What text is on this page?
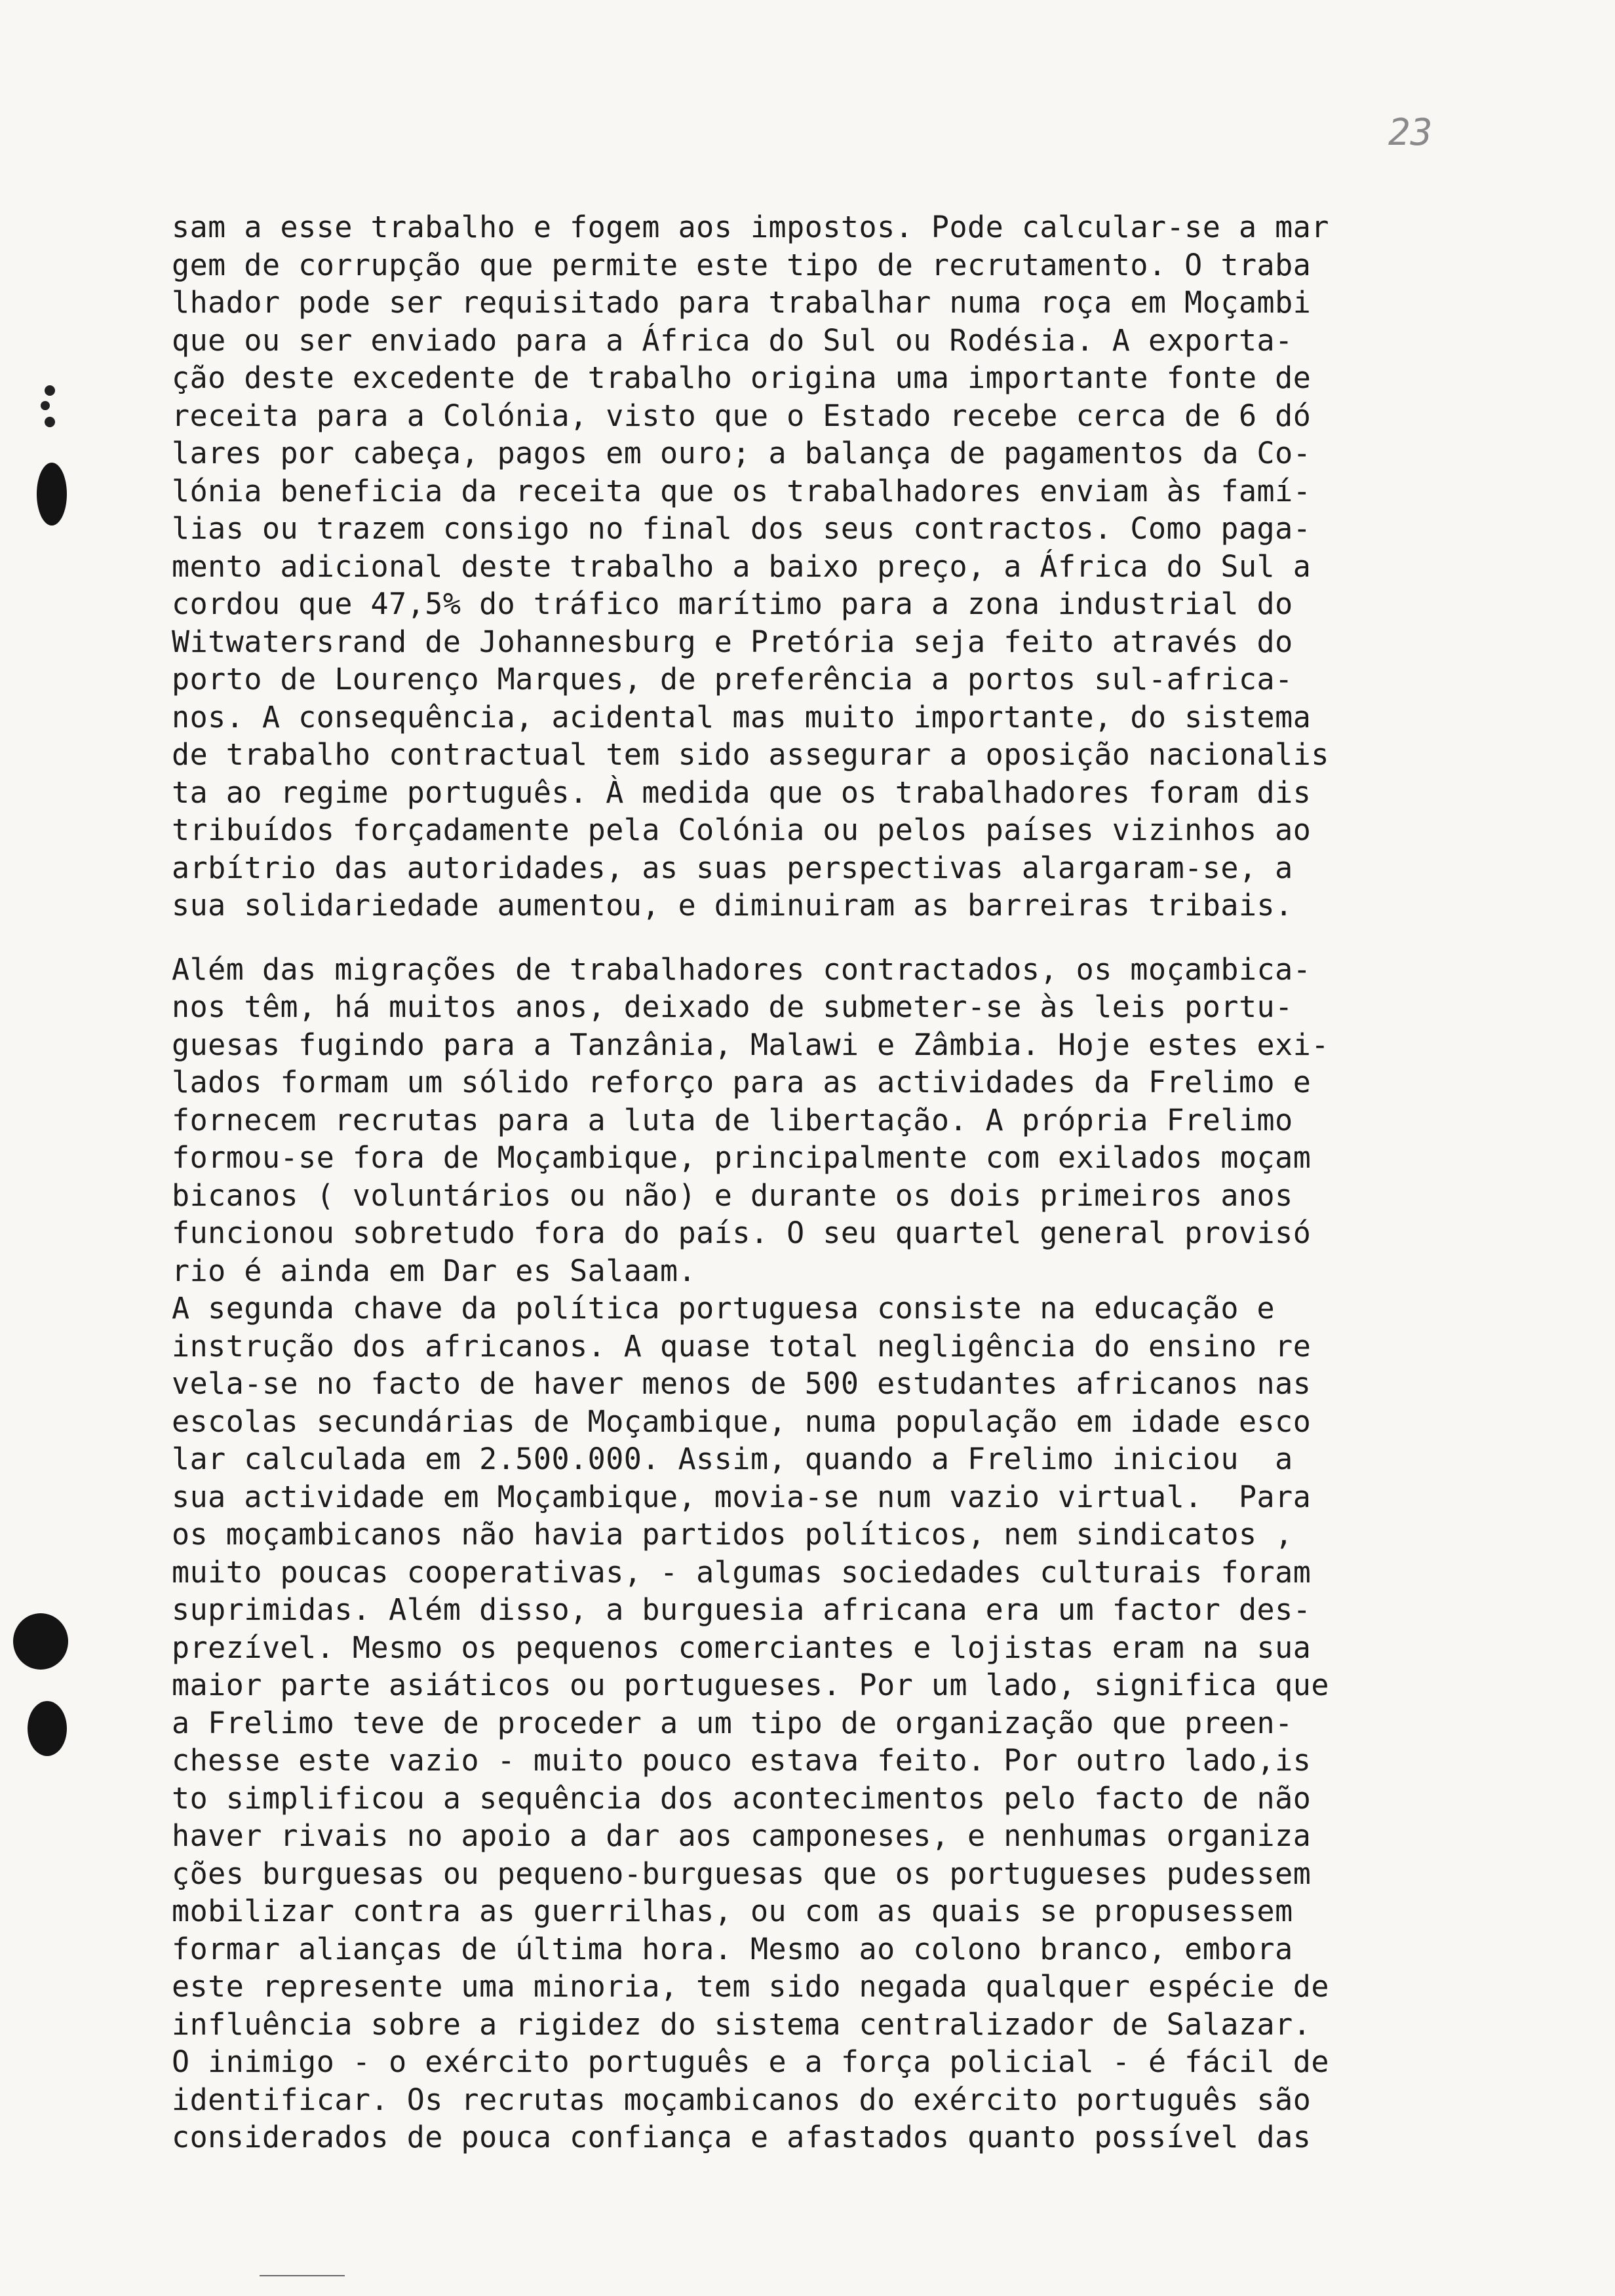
23
sam a esse trabalho e fogem aos impostos. Pode calcular-se a mar
gem de corrupção que permite este tipo de recrutamento. O traba
lhador pode ser requisitado para trabalhar numa roça em Moçambi
que ou ser enviado para a África do Sul ou Rodésia. A exporta-
ção deste excedente de trabalho origina uma importante fonte de
receita para a Colónia, visto que o Estado recebe cerca de 6 dó
lares por cabeça, pagos em ouro; a balança de pagamentos da Co-
lónia beneficia da receita que os trabalhadores enviam às famí-
lias ou trazem consigo no final dos seus contractos. Como paga-
mento adicional deste trabalho a baixo preço, a África do Sul a
cordou que 47,5% do tráfico marítimo para a zona industrial do
Witwatersrand de Johannesburg e Pretória seja feito através do
porto de Lourenço Marques, de preferência a portos sul-africa-
nos. A consequência, acidental mas muito importante, do sistema
de trabalho contractual tem sido assegurar a oposição nacionalis
ta ao regime português. À medida que os trabalhadores foram dis
tribuídos forçadamente pela Colónia ou pelos países vizinhos ao
arbítrio das autoridades, as suas perspectivas alargaram-se, a
sua solidariedade aumentou, e diminuiram as barreiras tribais.
Além das migrações de trabalhadores contractados, os moçambica-
nos têm, há muitos anos, deixado de submeter-se às leis portu-
guesas fugindo para a Tanzânia, Malawi e Zâmbia. Hoje estes exi-
lados formam um sólido reforço para as actividades da Frelimo e
fornecem recrutas para a luta de libertação. A própria Frelimo
formou-se fora de Moçambique, principalmente com exilados moçam
bicanos ( voluntários ou não) e durante os dois primeiros anos
funcionou sobretudo fora do país. O seu quartel general provisó
rio é ainda em Dar es Salaam.
A segunda chave da política portuguesa consiste na educação e
instrução dos africanos. A quase total negligência do ensino re
vela-se no facto de haver menos de 500 estudantes africanos nas
escolas secundárias de Moçambique, numa população em idade esco
lar calculada em 2.500.000. Assim, quando a Frelimo iniciou  a
sua actividade em Moçambique, movia-se num vazio virtual.  Para
os moçambicanos não havia partidos políticos, nem sindicatos ,
muito poucas cooperativas, - algumas sociedades culturais foram
suprimidas. Além disso, a burguesia africana era um factor des-
prezível. Mesmo os pequenos comerciantes e lojistas eram na sua
maior parte asiáticos ou portugueses. Por um lado, significa que
a Frelimo teve de proceder a um tipo de organização que preen-
chesse este vazio - muito pouco estava feito. Por outro lado,is
to simplificou a sequência dos acontecimentos pelo facto de não
haver rivais no apoio a dar aos camponeses, e nenhumas organiza
ções burguesas ou pequeno-burguesas que os portugueses pudessem
mobilizar contra as guerrilhas, ou com as quais se propusessem
formar alianças de última hora. Mesmo ao colono branco, embora
este represente uma minoria, tem sido negada qualquer espécie de
influência sobre a rigidez do sistema centralizador de Salazar.
O inimigo - o exército português e a força policial - é fácil de
identificar. Os recrutas moçambicanos do exército português são
considerados de pouca confiança e afastados quanto possível das
